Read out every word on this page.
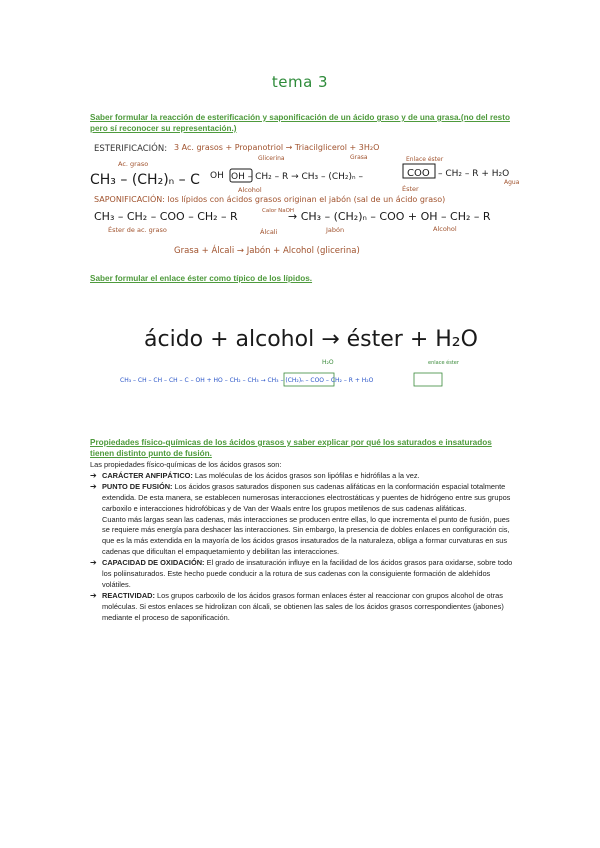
tema 3
Saber formular la reacción de esterificación y saponificación de un ácido graso y de una grasa.(no del resto pero sí reconocer su representación.)
ESTERIFICACIÓN: 3 Ac. grasos + Propanotriol → Triacilglicerol + 3H₂O
Glicerina	Grasa	Enlace éster
Ac. graso
CH₃ – (CH₂)ₙ – C OH OH – CH₂ – R → CH₃ – (CH₂)ₙ –	COO – CH₂ – R + H₂O
Alcohol	Éster
Agua
SAPONIFICACIÓN: los lípidos con ácidos grasos originan el jabón (sal de un ácido graso)
CH₃ – CH₂ – COO – CH₂ – R	Calor NaOH
→ CH₃ – (CH₂)ₙ – COO + OH – CH₂ – R
Éster de ac. graso	Álcali	Jabón	Alcohol
Grasa + Álcali → Jabón + Alcohol (glicerina)
Saber formular el enlace éster como típico de los lípidos.
ácido + alcohol → éster + H₂O
H₂O	enlace éster
CH₃ – CH – CH – CH – C – OH + HO – CH₂ – CH₃ → CH₃ – (CH₂)ₙ – COO – CH₂ – R + H₂O
Propiedades físico-químicas de los ácidos grasos y saber explicar por qué los saturados e insaturados tienen distinto punto de fusión.

Las propiedades físico-químicas de los ácidos grasos son:

➔ CARÁCTER ANFIPÁTICO: Las moléculas de los ácidos grasos son lipófilas e hidrófilas a la vez.
➔ PUNTO DE FUSIÓN: Los ácidos grasos saturados disponen sus cadenas alifáticas en la conformación espacial totalmente extendida. De esta manera, se establecen numerosas interacciones electrostáticas y puentes de hidrógeno entre sus grupos carboxilo e interacciones hidrofóbicas y de Van der Waals entre los grupos metilenos de sus cadenas alifáticas.

Cuanto más largas sean las cadenas, más interacciones se producen entre ellas, lo que incrementa el punto de fusión, pues se requiere más energía para deshacer las interacciones. Sin embargo, la presencia de dobles enlaces en configuración cis, que es la más extendida en la mayoría de los ácidos grasos insaturados de la naturaleza, obliga a formar curvaturas en sus cadenas que dificultan el empaquetamiento y debilitan las interacciones.

➔ CAPACIDAD DE OXIDACIÓN: El grado de insaturación influye en la facilidad de los ácidos grasos para oxidarse, sobre todo los poliinsaturados. Este hecho puede conducir a la rotura de sus cadenas con la consiguiente formación de aldehídos volátiles.
➔ REACTIVIDAD: Los grupos carboxilo de los ácidos grasos forman enlaces éster al reaccionar con grupos alcohol de otras moléculas. Si estos enlaces se hidrolizan con álcali, se obtienen las sales de los ácidos grasos correspondientes (jabones) mediante el proceso de saponificación.
